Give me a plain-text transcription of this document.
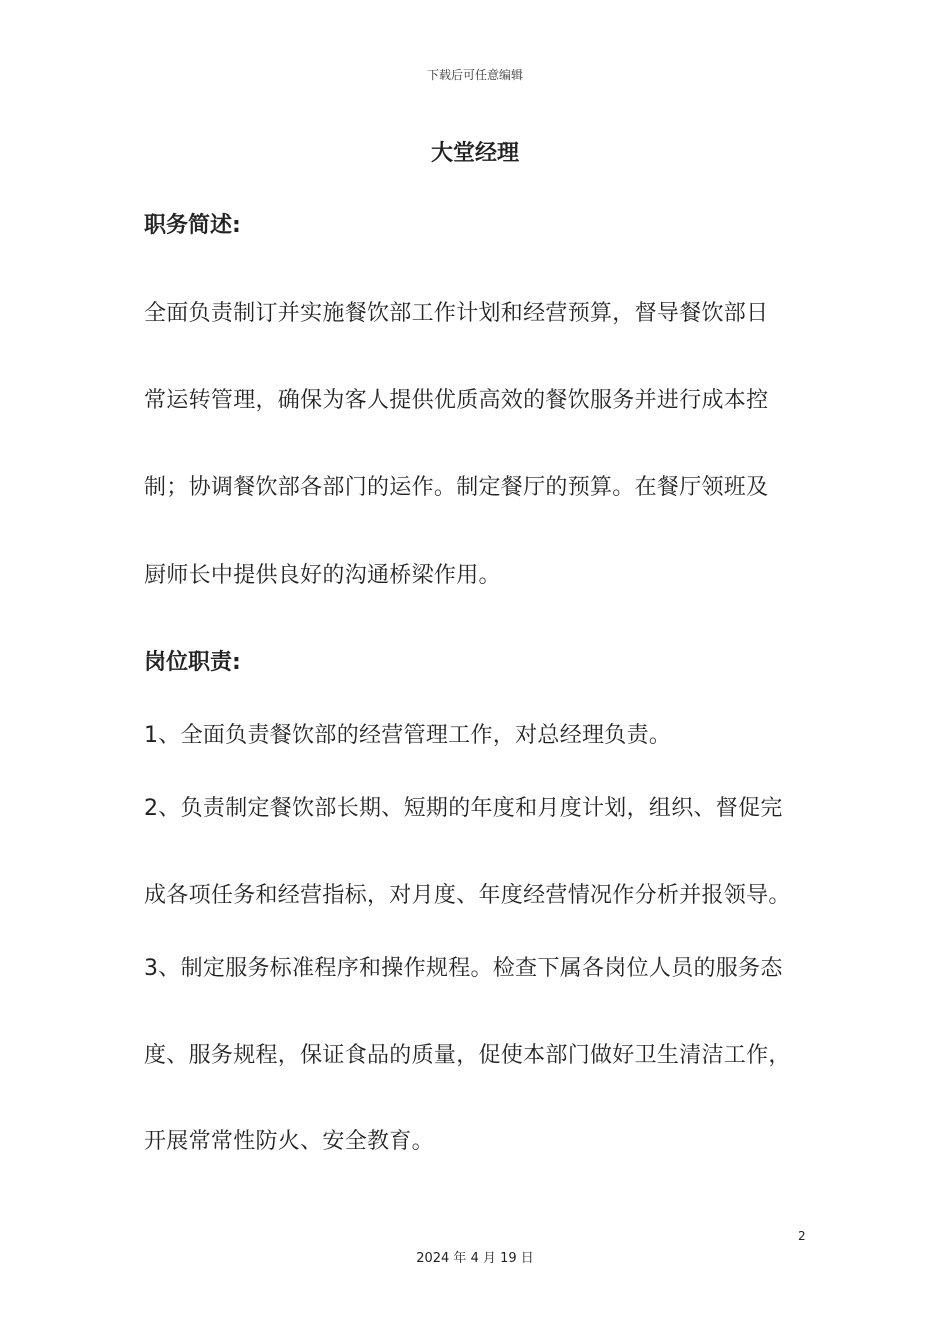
下载后可任意编辑
大堂经理
职务简述:
全面负责制订并实施餐饮部工作计划和经营预算，督导餐饮部日
常运转管理，确保为客人提供优质高效的餐饮服务并进行成本控
制；协调餐饮部各部门的运作。制定餐厅的预算。在餐厅领班及
厨师长中提供良好的沟通桥梁作用。
岗位职责:
1、全面负责餐饮部的经营管理工作，对总经理负责。
2、负责制定餐饮部长期、短期的年度和月度计划，组织、督促完
成各项任务和经营指标，对月度、年度经营情况作分析并报领导。
3、制定服务标准程序和操作规程。检查下属各岗位人员的服务态
度、服务规程，保证食品的质量，促使本部门做好卫生清洁工作，
开展常常性防火、安全教育。
2
2024 年 4 月 19 日
